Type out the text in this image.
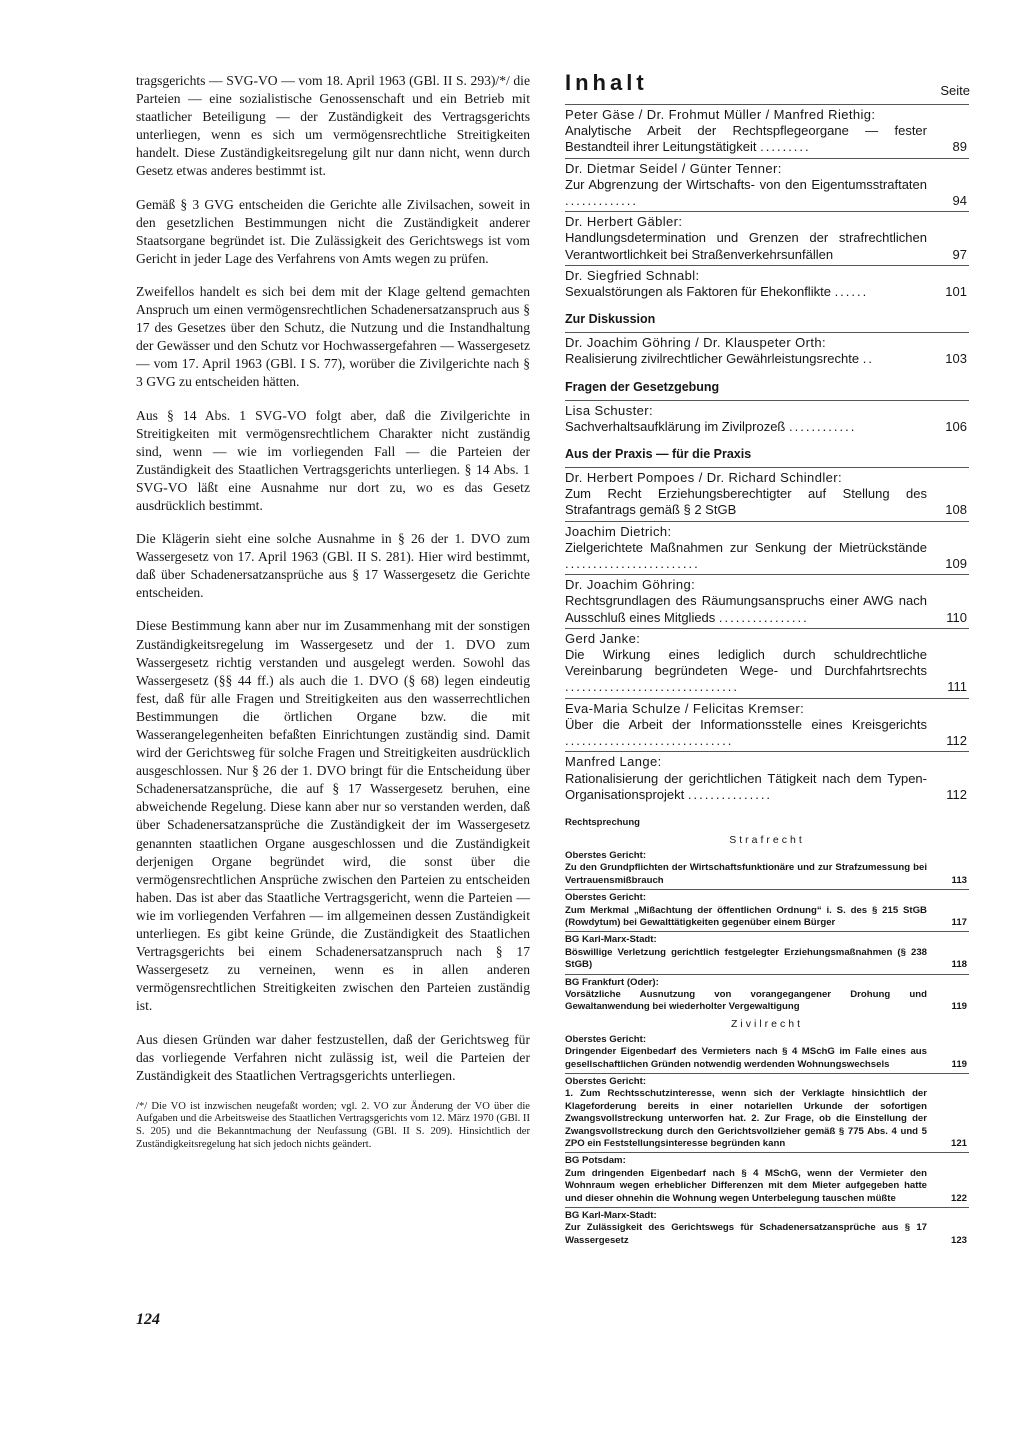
tragsgerichts — SVG-VO — vom 18. April 1963 (GBl. II S. 293)/*/ die Parteien — eine sozialistische Genossenschaft und ein Betrieb mit staatlicher Beteiligung — der Zuständigkeit des Vertragsgerichts unterliegen, wenn es sich um vermögensrechtliche Streitigkeiten handelt. Diese Zuständigkeitsregelung gilt nur dann nicht, wenn durch Gesetz etwas anderes bestimmt ist.

Gemäß § 3 GVG entscheiden die Gerichte alle Zivilsachen, soweit in den gesetzlichen Bestimmungen nicht die Zuständigkeit anderer Staatsorgane begründet ist. Die Zulässigkeit des Gerichtswegs ist vom Gericht in jeder Lage des Verfahrens von Amts wegen zu prüfen.

Zweifellos handelt es sich bei dem mit der Klage geltend gemachten Anspruch um einen vermögensrechtlichen Schadenersatzanspruch aus § 17 des Gesetzes über den Schutz, die Nutzung und die Instandhaltung der Gewässer und den Schutz vor Hochwassergefahren — Wassergesetz — vom 17. April 1963 (GBl. I S. 77), worüber die Zivilgerichte nach § 3 GVG zu entscheiden hätten.

Aus § 14 Abs. 1 SVG-VO folgt aber, daß die Zivilgerichte in Streitigkeiten mit vermögensrechtlichem Charakter nicht zuständig sind, wenn — wie im vorliegenden Fall — die Parteien der Zuständigkeit des Staatlichen Vertragsgerichts unterliegen. § 14 Abs. 1 SVG-VO läßt eine Ausnahme nur dort zu, wo es das Gesetz ausdrücklich bestimmt.

Die Klägerin sieht eine solche Ausnahme in § 26 der 1. DVO zum Wassergesetz von 17. April 1963 (GBl. II S. 281). Hier wird bestimmt, daß über Schadenersatzansprüche aus § 17 Wassergesetz die Gerichte entscheiden.

Diese Bestimmung kann aber nur im Zusammenhang mit der sonstigen Zuständigkeitsregelung im Wassergesetz und der 1. DVO zum Wassergesetz richtig verstanden und ausgelegt werden. Sowohl das Wassergesetz (§§ 44 ff.) als auch die 1. DVO (§ 68) legen eindeutig fest, daß für alle Fragen und Streitigkeiten aus den wasserrechtlichen Bestimmungen die örtlichen Organe bzw. die mit Wasserangelegenheiten befaßten Einrichtungen zuständig sind. Damit wird der Gerichtsweg für solche Fragen und Streitigkeiten ausdrücklich ausgeschlossen. Nur § 26 der 1. DVO bringt für die Entscheidung über Schadenersatzansprüche, die auf § 17 Wassergesetz beruhen, eine abweichende Regelung. Diese kann aber nur so verstanden werden, daß über Schadenersatzansprüche die Zuständigkeit der im Wassergesetz genannten staatlichen Organe ausgeschlossen und die Zuständigkeit derjenigen Organe begründet wird, die sonst über die vermögensrechtlichen Ansprüche zwischen den Parteien zu entscheiden haben. Das ist aber das Staatliche Vertragsgericht, wenn die Parteien — wie im vorliegenden Verfahren — im allgemeinen dessen Zuständigkeit unterliegen. Es gibt keine Gründe, die Zuständigkeit des Staatlichen Vertragsgerichts bei einem Schadenersatzanspruch nach § 17 Wassergesetz zu verneinen, wenn es in allen anderen vermögensrechtlichen Streitigkeiten zwischen den Parteien zuständig ist.

Aus diesen Gründen war daher festzustellen, daß der Gerichtsweg für das vorliegende Verfahren nicht zulässig ist, weil die Parteien der Zuständigkeit des Staatlichen Vertragsgerichts unterliegen.

/*/ Die VO ist inzwischen neugefaßt worden; vgl. 2. VO zur Änderung der VO über die Aufgaben und die Arbeitsweise des Staatlichen Vertragsgerichts vom 12. März 1970 (GBl. II S. 205) und die Bekanntmachung der Neufassung (GBl. II S. 209). Hinsichtlich der Zuständigkeitsregelung hat sich jedoch nichts geändert.

124
Inhalt	Seite
Peter Gäse / Dr. Frohmut Müller / Manfred Riethig:
Analytische Arbeit der Rechtspflegeorgane — fester Bestandteil ihrer Leitungstätigkeit .........	89
Dr. Dietmar Seidel / Günter Tenner:
Zur Abgrenzung der Wirtschafts- von den Eigentumsstraftaten .............	94
Dr. Herbert Gäbler:
Handlungsdetermination und Grenzen der strafrechtlichen Verantwortlichkeit bei Straßenverkehrsunfällen	97
Dr. Siegfried Schnabl:
Sexualstörungen als Faktoren für Ehekonflikte ......	101
Zur Diskussion
Dr. Joachim Göhring / Dr. Klauspeter Orth:
Realisierung zivilrechtlicher Gewährleistungsrechte ..	103
Fragen der Gesetzgebung
Lisa Schuster:
Sachverhaltsaufklärung im Zivilprozeß ............	106
Aus der Praxis — für die Praxis
Dr. Herbert Pompoes / Dr. Richard Schindler:
Zum Recht Erziehungsberechtigter auf Stellung des Strafantrags gemäß § 2 StGB	108
Joachim Dietrich:
Zielgerichtete Maßnahmen zur Senkung der Mietrückstände ........................	109
Dr. Joachim Göhring:
Rechtsgrundlagen des Räumungsanspruchs einer AWG nach Ausschluß eines Mitglieds ................	110
Gerd Janke:
Die Wirkung eines lediglich durch schuldrechtliche Vereinbarung begründeten Wege- und Durchfahrtsrechts ...............................	111
Eva-Maria Schulze / Felicitas Kremser:
Über die Arbeit der Informationsstelle eines Kreisgerichts ..............................	112
Manfred Lange:
Rationalisierung der gerichtlichen Tätigkeit nach dem Typen-Organisationsprojekt ...............	112
Rechtsprechung
Strafrecht
Oberstes Gericht:
Zu den Grundpflichten der Wirtschaftsfunktionäre und zur Strafzumessung bei Vertrauensmißbrauch	113
Oberstes Gericht:
Zum Merkmal „Mißachtung der öffentlichen Ordnung“ i. S. des § 215 StGB (Rowdytum) bei Gewalttätigkeiten gegenüber einem Bürger	117
BG Karl-Marx-Stadt:
Böswillige Verletzung gerichtlich festgelegter Erziehungsmaßnahmen (§ 238 StGB)	118
BG Frankfurt (Oder):
Vorsätzliche Ausnutzung von vorangegangener Drohung und Gewaltanwendung bei wiederholter Vergewaltigung	119
Zivilrecht
Oberstes Gericht:
Dringender Eigenbedarf des Vermieters nach § 4 MSchG im Falle eines aus gesellschaftlichen Gründen notwendig werdenden Wohnungswechsels	119
Oberstes Gericht:
1. Zum Rechtsschutzinteresse, wenn sich der Verklagte hinsichtlich der Klageforderung bereits in einer notariellen Urkunde der sofortigen Zwangsvollstreckung unterworfen hat. 2. Zur Frage, ob die Einstellung der Zwangsvollstreckung durch den Gerichtsvollzieher gemäß § 775 Abs. 4 und 5 ZPO ein Feststellungsinteresse begründen kann	121
BG Potsdam:
Zum dringenden Eigenbedarf nach § 4 MSchG, wenn der Vermieter den Wohnraum wegen erheblicher Differenzen mit dem Mieter aufgegeben hatte und dieser ohnehin die Wohnung wegen Unterbelegung tauschen müßte	122
BG Karl-Marx-Stadt:
Zur Zulässigkeit des Gerichtswegs für Schadenersatzansprüche aus § 17 Wassergesetz	123
